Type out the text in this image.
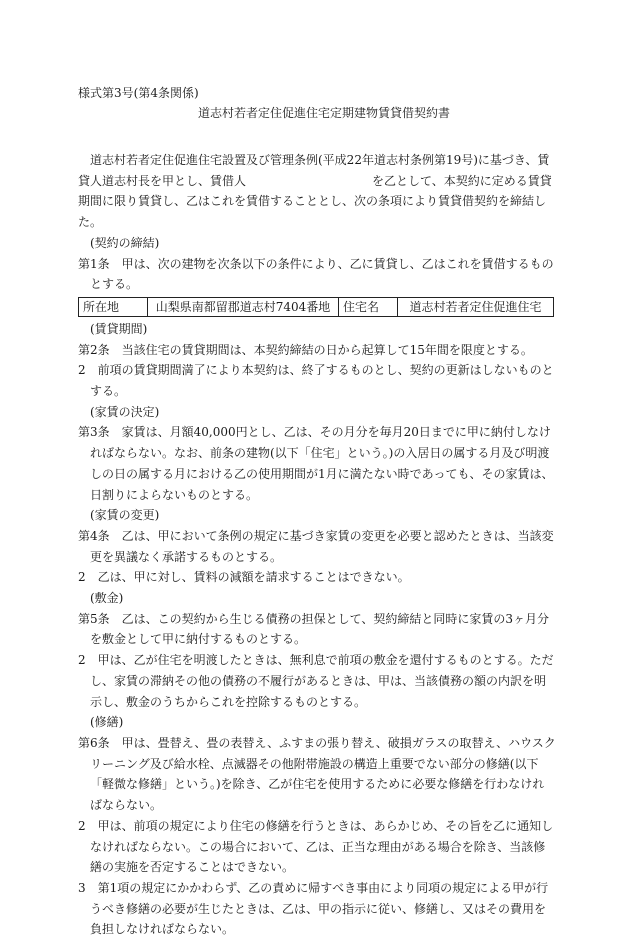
様式第3号(第4条関係)
道志村若者定住促進住宅定期建物賃貸借契約書

道志村若者定住促進住宅設置及び管理条例(平成22年道志村条例第19号)に基づき、賃貸人道志村長を甲とし、賃借人	を乙として、本契約に定める賃貸期間に限り賃貸し、乙はこれを賃借することとし、次の条項により賃貸借契約を締結した。

(契約の締結)

第1条　甲は、次の建物を次条以下の条件により、乙に賃貸し、乙はこれを賃借するものとする。

所在地	山梨県南都留郡道志村7404番地	住宅名	道志村若者定住促進住宅

(賃貸期間)

第2条　当該住宅の賃貸期間は、本契約締結の日から起算して15年間を限度とする。

2　前項の賃貸期間満了により本契約は、終了するものとし、契約の更新はしないものとする。

(家賃の決定)

第3条　家賃は、月額40,000円とし、乙は、その月分を毎月20日までに甲に納付しなければならない。なお、前条の建物(以下「住宅」という。)の入居日の属する月及び明渡しの日の属する月における乙の使用期間が1月に満たない時であっても、その家賃は、日割りによらないものとする。

(家賃の変更)

第4条　乙は、甲において条例の規定に基づき家賃の変更を必要と認めたときは、当該変更を異議なく承諾するものとする。

2　乙は、甲に対し、賃料の減額を請求することはできない。

(敷金)

第5条　乙は、この契約から生じる債務の担保として、契約締結と同時に家賃の3ヶ月分を敷金として甲に納付するものとする。

2　甲は、乙が住宅を明渡したときは、無利息で前項の敷金を還付するものとする。ただし、家賃の滞納その他の債務の不履行があるときは、甲は、当該債務の額の内訳を明示し、敷金のうちからこれを控除するものとする。

(修繕)

第6条　甲は、畳替え、畳の表替え、ふすまの張り替え、破損ガラスの取替え、ハウスクリーニング及び給水栓、点滅器その他附帯施設の構造上重要でない部分の修繕(以下「軽微な修繕」という。)を除き、乙が住宅を使用するために必要な修繕を行わなければならない。

2　甲は、前項の規定により住宅の修繕を行うときは、あらかじめ、その旨を乙に通知しなければならない。この場合において、乙は、正当な理由がある場合を除き、当該修繕の実施を否定することはできない。

3　第1項の規定にかかわらず、乙の責めに帰すべき事由により同項の規定による甲が行うべき修繕の必要が生じたときは、乙は、甲の指示に従い、修繕し、又はその費用を負担しなければならない。
